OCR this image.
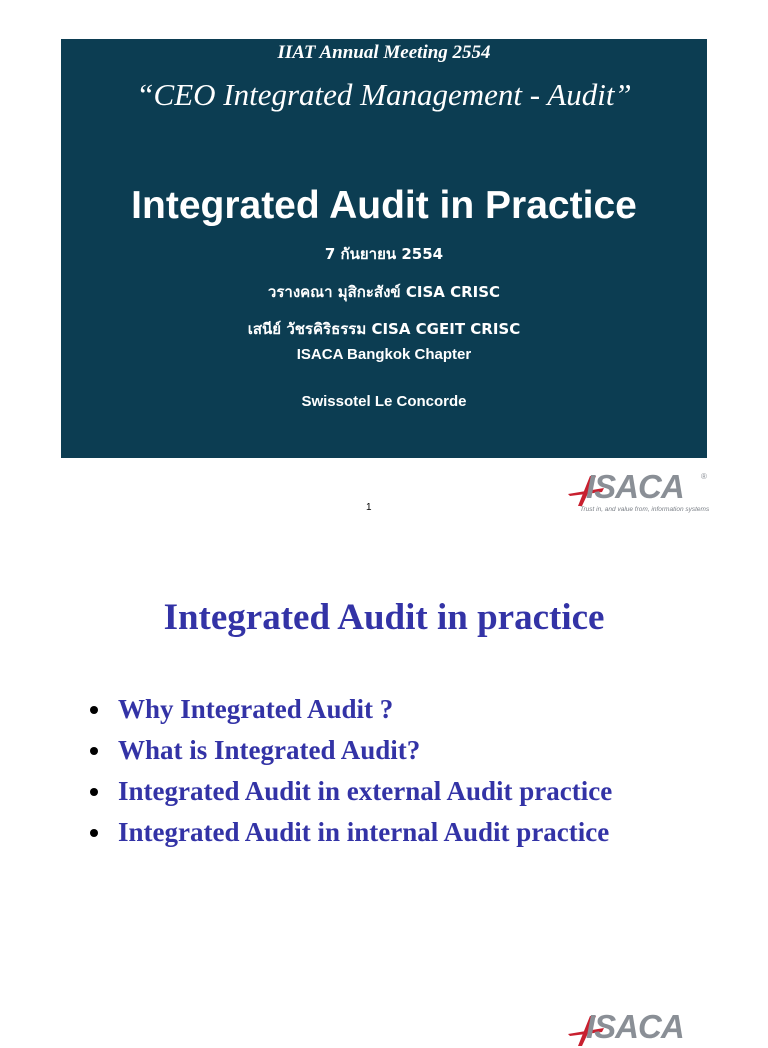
IIAT Annual Meeting 2554
“CEO Integrated Management - Audit”
Integrated Audit in Practice
7 กันยายน 2554
วรางคณา มุสิกะสังข์ CISA CRISC
เสนีย์ วัชรคิริธรรม CISA CGEIT CRISC
ISACA Bangkok Chapter
Swissotel Le Concorde
1
ISACA ®
Trust in, and value from, information systems
Integrated Audit in practice
Why Integrated Audit ?
What is Integrated Audit?
Integrated Audit in external Audit practice
Integrated Audit in internal Audit practice
ISACA
